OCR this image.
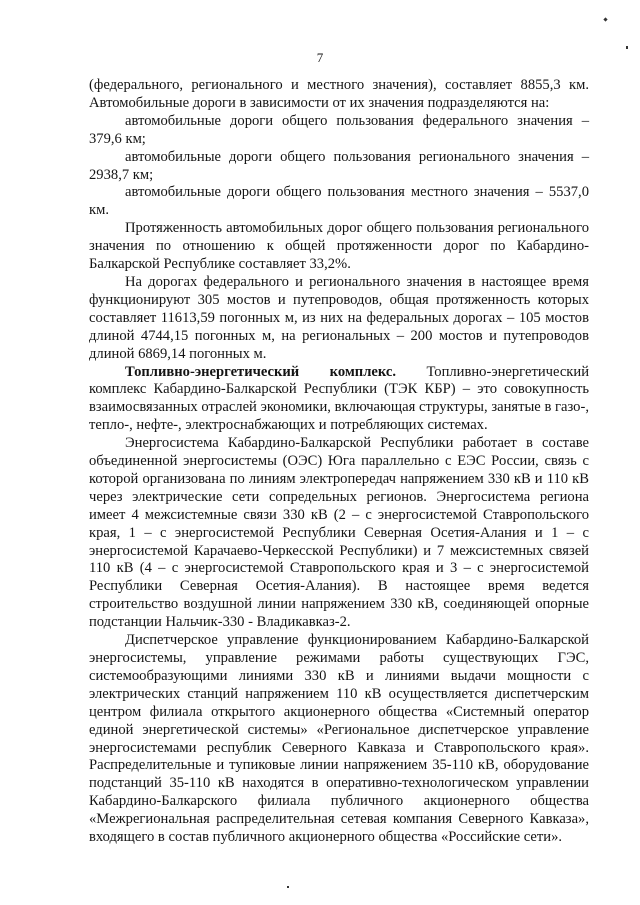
7

(федерального, регионального и местного значения), составляет 8855,3 км. Автомобильные дороги в зависимости от их значения подразделяются на:

автомобильные дороги общего пользования федерального значения – 379,6 км;

автомобильные дороги общего пользования регионального значения – 2938,7 км;

автомобильные дороги общего пользования местного значения – 5537,0 км.

Протяженность автомобильных дорог общего пользования регионального значения по отношению к общей протяженности дорог по Кабардино-Балкарской Республике составляет 33,2%.

На дорогах федерального и регионального значения в настоящее время функционируют 305 мостов и путепроводов, общая протяженность которых составляет 11613,59 погонных м, из них на федеральных дорогах – 105 мостов длиной 4744,15 погонных м, на региональных – 200 мостов и путепроводов длиной 6869,14 погонных м.

Топливно-энергетический комплекс. Топливно-энергетический комплекс Кабардино-Балкарской Республики (ТЭК КБР) – это совокупность взаимосвязанных отраслей экономики, включающая структуры, занятые в газо-, тепло-, нефте-, электроснабжающих и потребляющих системах.

Энергосистема Кабардино-Балкарской Республики работает в составе объединенной энергосистемы (ОЭС) Юга параллельно с ЕЭС России, связь с которой организована по линиям электропередач напряжением 330 кВ и 110 кВ через электрические сети сопредельных регионов. Энергосистема региона имеет 4 межсистемные связи 330 кВ (2 – с энергосистемой Ставропольского края, 1 – с энергосистемой Республики Северная Осетия-Алания и 1 – с энергосистемой Карачаево-Черкесской Республики) и 7 межсистемных связей 110 кВ (4 – с энергосистемой Ставропольского края и 3 – с энергосистемой Республики Северная Осетия-Алания). В настоящее время ведется строительство воздушной линии напряжением 330 кВ, соединяющей опорные подстанции Нальчик-330 - Владикавказ-2.

Диспетчерское управление функционированием Кабардино-Балкарской энергосистемы, управление режимами работы существующих ГЭС, системообразующими линиями 330 кВ и линиями выдачи мощности с электрических станций напряжением 110 кВ осуществляется диспетчерским центром филиала открытого акционерного общества «Системный оператор единой энергетической системы» «Региональное диспетчерское управление энергосистемами республик Северного Кавказа и Ставропольского края». Распределительные и тупиковые линии напряжением 35-110 кВ, оборудование подстанций 35-110 кВ находятся в оперативно-технологическом управлении Кабардино-Балкарского филиала публичного акционерного общества «Межрегиональная распределительная сетевая компания Северного Кавказа», входящего в состав публичного акционерного общества «Российские сети».
